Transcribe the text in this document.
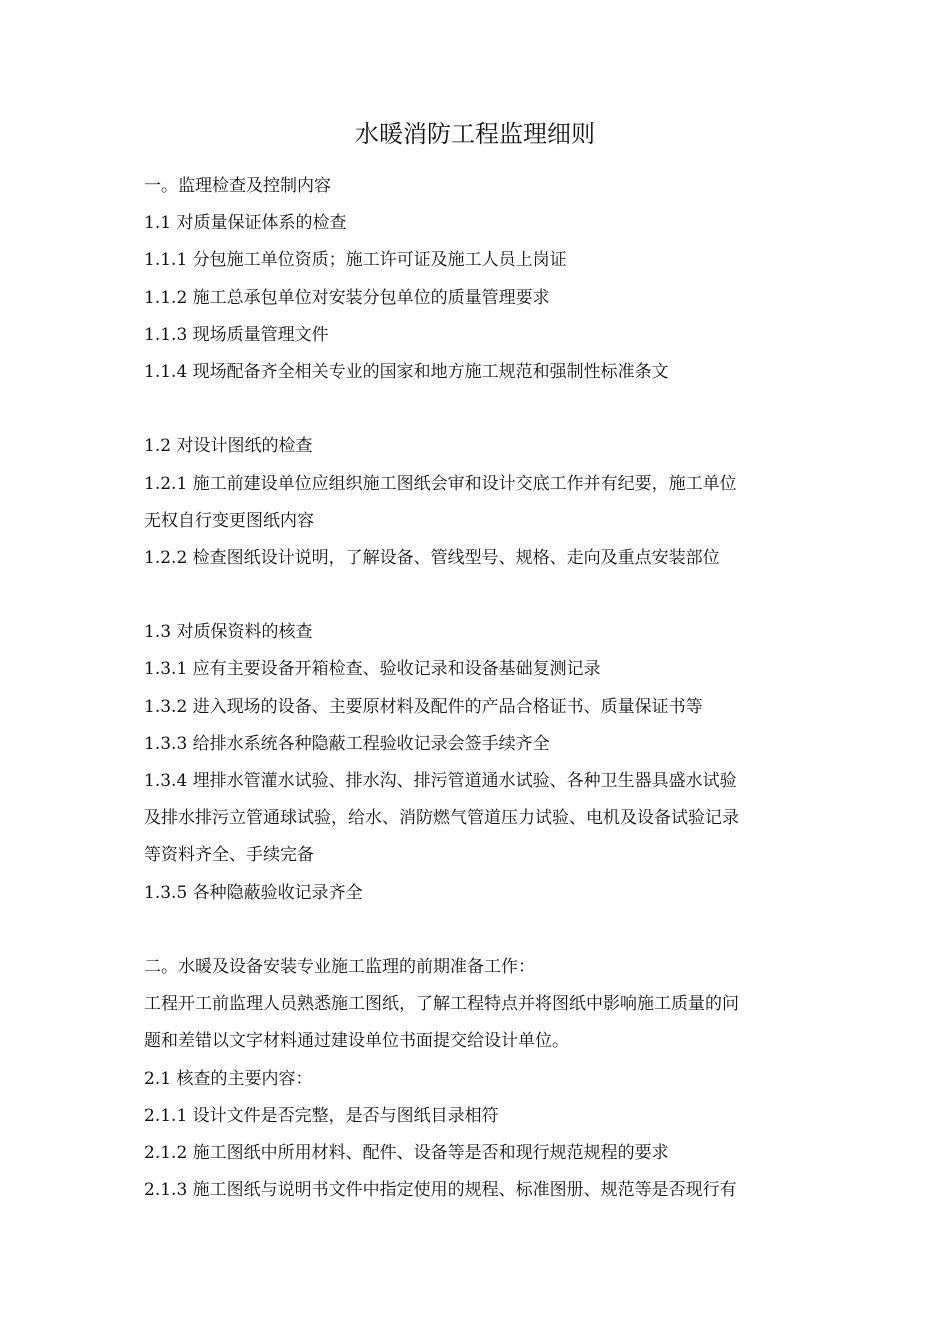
水暖消防工程监理细则

一。监理检查及控制内容

1.1 对质量保证体系的检查

1.1.1 分包施工单位资质；施工许可证及施工人员上岗证

1.1.2 施工总承包单位对安装分包单位的质量管理要求

1.1.3 现场质量管理文件

1.1.4 现场配备齐全相关专业的国家和地方施工规范和强制性标准条文

1.2 对设计图纸的检查

1.2.1 施工前建设单位应组织施工图纸会审和设计交底工作并有纪要，施工单位

无权自行变更图纸内容

1.2.2 检查图纸设计说明，了解设备、管线型号、规格、走向及重点安装部位

1.3 对质保资料的核查

1.3.1 应有主要设备开箱检查、验收记录和设备基础复测记录

1.3.2 进入现场的设备、主要原材料及配件的产品合格证书、质量保证书等

1.3.3 给排水系统各种隐蔽工程验收记录会签手续齐全

1.3.4 埋排水管灌水试验、排水沟、排污管道通水试验、各种卫生器具盛水试验

及排水排污立管通球试验，给水、消防燃气管道压力试验、电机及设备试验记录

等资料齐全、手续完备

1.3.5 各种隐蔽验收记录齐全

二。水暖及设备安装专业施工监理的前期准备工作：

工程开工前监理人员熟悉施工图纸，了解工程特点并将图纸中影响施工质量的问

题和差错以文字材料通过建设单位书面提交给设计单位。

2.1 核查的主要内容：

2.1.1 设计文件是否完整，是否与图纸目录相符

2.1.2 施工图纸中所用材料、配件、设备等是否和现行规范规程的要求

2.1.3 施工图纸与说明书文件中指定使用的规程、标准图册、规范等是否现行有
